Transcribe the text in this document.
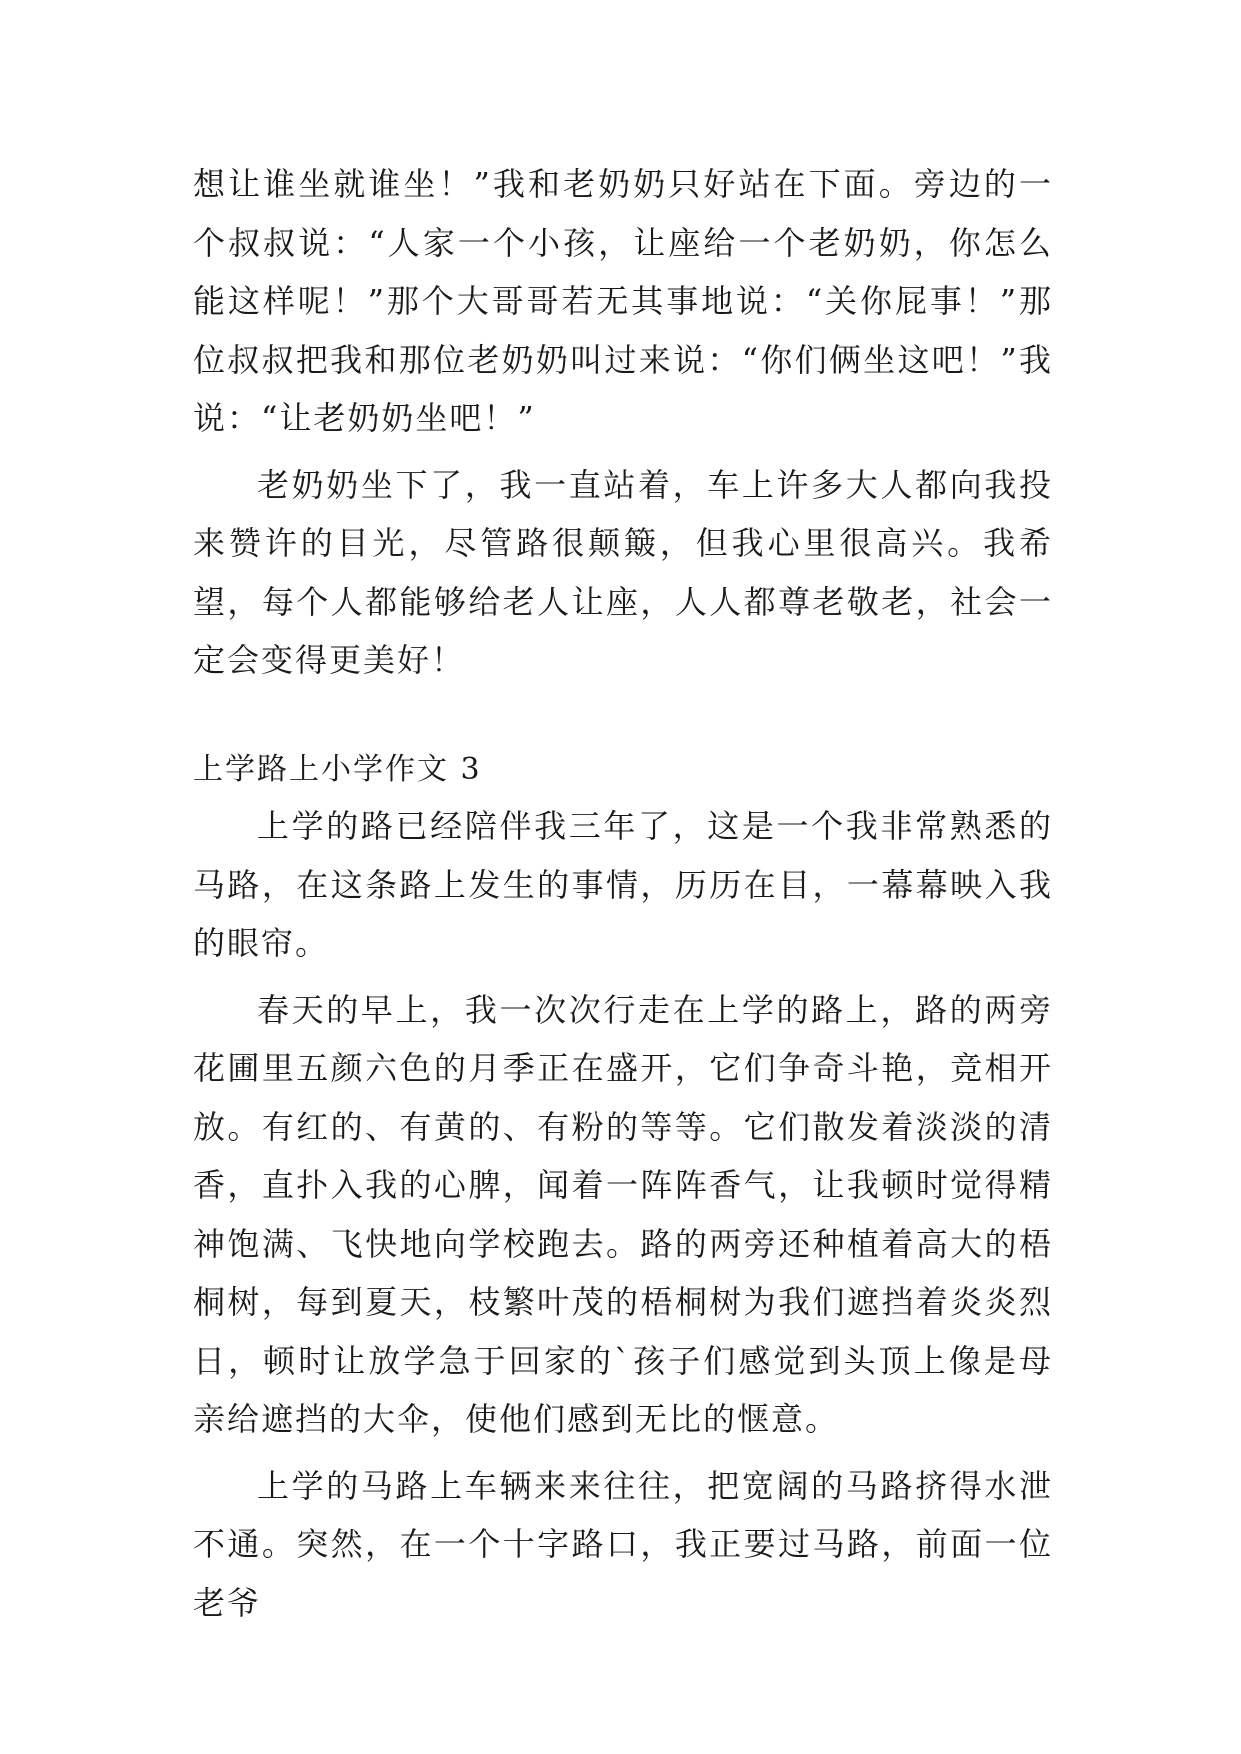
想让谁坐就谁坐！”我和老奶奶只好站在下面。旁边的一个叔叔说：“人家一个小孩，让座给一个老奶奶，你怎么能这样呢！”那个大哥哥若无其事地说：“关你屁事！”那位叔叔把我和那位老奶奶叫过来说：“你们俩坐这吧！”我说：“让老奶奶坐吧！”

老奶奶坐下了，我一直站着，车上许多大人都向我投来赞许的目光，尽管路很颠簸，但我心里很高兴。我希望，每个人都能够给老人让座，人人都尊老敬老，社会一定会变得更美好！

上学路上小学作文 3

上学的路已经陪伴我三年了，这是一个我非常熟悉的马路，在这条路上发生的事情，历历在目，一幕幕映入我的眼帘。

春天的早上，我一次次行走在上学的路上，路的两旁花圃里五颜六色的月季正在盛开，它们争奇斗艳，竞相开放。有红的、有黄的、有粉的等等。它们散发着淡淡的清香，直扑入我的心脾，闻着一阵阵香气，让我顿时觉得精神饱满、飞快地向学校跑去。路的两旁还种植着高大的梧桐树，每到夏天，枝繁叶茂的梧桐树为我们遮挡着炎炎烈日，顿时让放学急于回家的`孩子们感觉到头顶上像是母亲给遮挡的大伞，使他们感到无比的惬意。

上学的马路上车辆来来往往，把宽阔的马路挤得水泄不通。突然，在一个十字路口，我正要过马路，前面一位老爷
